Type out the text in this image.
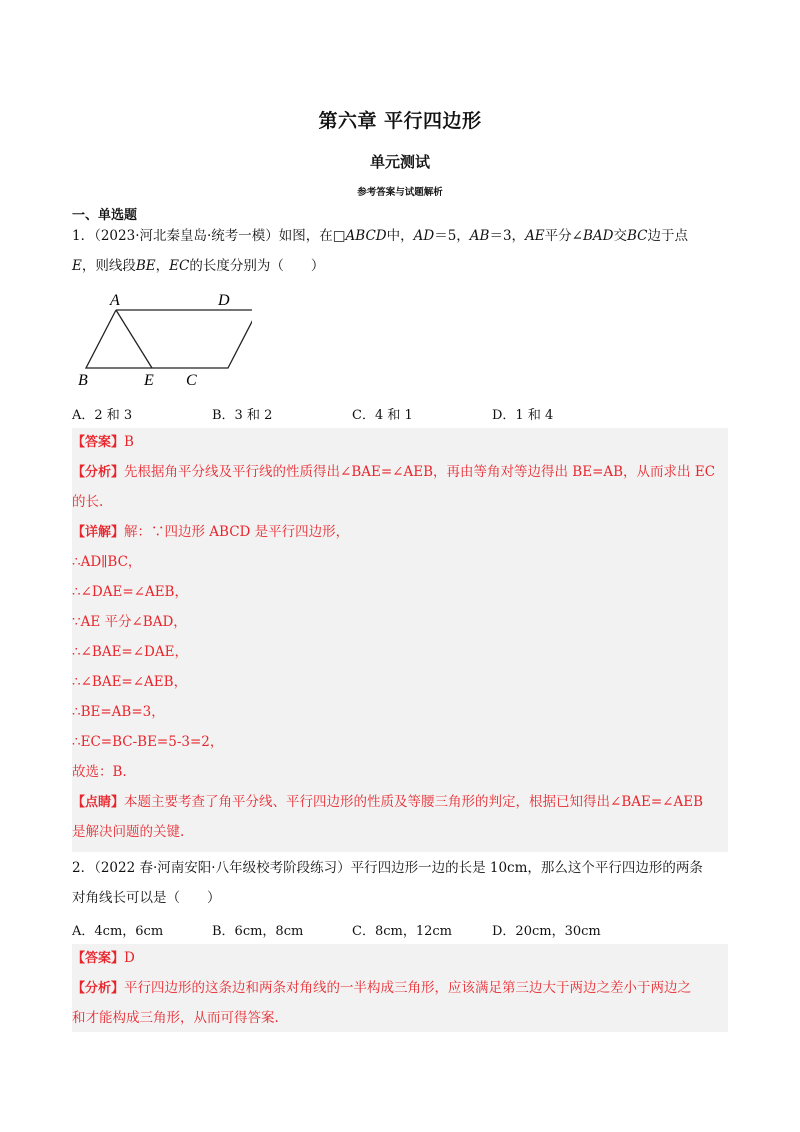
第六章 平行四边形
单元测试
参考答案与试题解析
一、单选题
1．（2023·河北秦皇岛·统考一模）如图，在□ABCD中，AD＝5，AB＝3，AE平分∠BAD交BC边于点
E，则线段BE，EC的长度分别为（　　）
A	D
B	E C
A．2 和 3	B．3 和 2	C．4 和 1	D．1 和 4
【答案】B
【分析】先根据角平分线及平行线的性质得出∠BAE=∠AEB，再由等角对等边得出 BE=AB，从而求出 EC
的长.
【详解】解：∵四边形 ABCD 是平行四边形，
∴AD∥BC，
∴∠DAE=∠AEB，
∵AE 平分∠BAD，
∴∠BAE=∠DAE，
∴∠BAE=∠AEB，
∴BE=AB=3，
∴EC=BC-BE=5-3=2，
故选：B.
【点睛】本题主要考查了角平分线、平行四边形的性质及等腰三角形的判定，根据已知得出∠BAE=∠AEB
是解决问题的关键.
2．（2022 春·河南安阳·八年级校考阶段练习）平行四边形一边的长是 10cm，那么这个平行四边形的两条
对角线长可以是（　　）
A．4cm，6cm	B．6cm，8cm	C．8cm，12cm	D．20cm，30cm
【答案】D
【分析】平行四边形的这条边和两条对角线的一半构成三角形，应该满足第三边大于两边之差小于两边之
和才能构成三角形，从而可得答案.
